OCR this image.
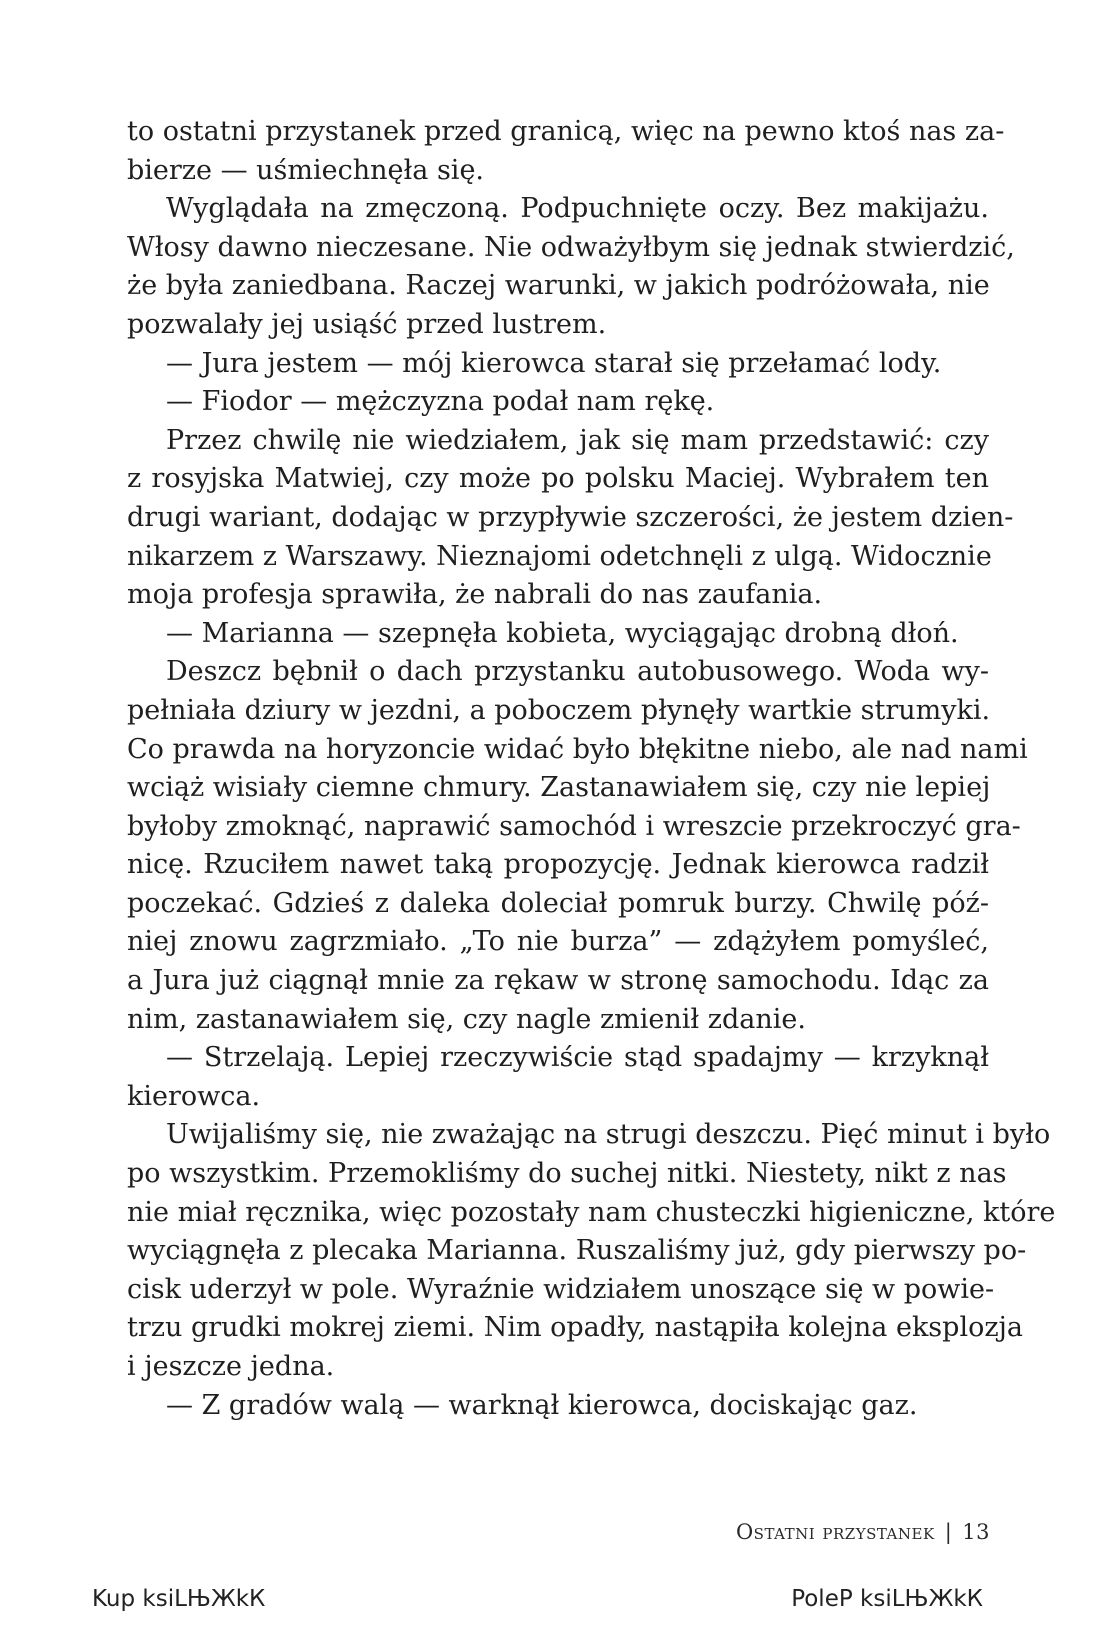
to ostatni przystanek przed granicą, więc na pewno ktoś nas za-
bierze — uśmiechnęła się.
Wyglądała na zmęczoną. Podpuchnięte oczy. Bez makijażu.
Włosy dawno nieczesane. Nie odważyłbym się jednak stwierdzić,
że była zaniedbana. Raczej warunki, w jakich podróżowała, nie
pozwalały jej usiąść przed lustrem.
— Jura jestem — mój kierowca starał się przełamać lody.
— Fiodor — mężczyzna podał nam rękę.
Przez chwilę nie wiedziałem, jak się mam przedstawić: czy
z rosyjska Matwiej, czy może po polsku Maciej. Wybrałem ten
drugi wariant, dodając w przypływie szczerości, że jestem dzien-
nikarzem z Warszawy. Nieznajomi odetchnęli z ulgą. Widocznie
moja profesja sprawiła, że nabrali do nas zaufania.
— Marianna — szepnęła kobieta, wyciągając drobną dłoń.
Deszcz bębnił o dach przystanku autobusowego. Woda wy-
pełniała dziury w jezdni, a poboczem płynęły wartkie strumyki.
Co prawda na horyzoncie widać było błękitne niebo, ale nad nami
wciąż wisiały ciemne chmury. Zastanawiałem się, czy nie lepiej
byłoby zmoknąć, naprawić samochód i wreszcie przekroczyć gra-
nicę. Rzuciłem nawet taką propozycję. Jednak kierowca radził
poczekać. Gdzieś z daleka doleciał pomruk burzy. Chwilę póź-
niej znowu zagrzmiało. „To nie burza” — zdążyłem pomyśleć,
a Jura już ciągnął mnie za rękaw w stronę samochodu. Idąc za
nim, zastanawiałem się, czy nagle zmienił zdanie.
— Strzelają. Lepiej rzeczywiście stąd spadajmy — krzyknął
kierowca.
Uwijaliśmy się, nie zważając na strugi deszczu. Pięć minut i było
po wszystkim. Przemokliśmy do suchej nitki. Niestety, nikt z nas
nie miał ręcznika, więc pozostały nam chusteczki higieniczne, które
wyciągnęła z plecaka Marianna. Ruszaliśmy już, gdy pierwszy po-
cisk uderzył w pole. Wyraźnie widziałem unoszące się w powie-
trzu grudki mokrej ziemi. Nim opadły, nastąpiła kolejna eksplozja
i jeszcze jedna.
— Z gradów walą — warknął kierowca, dociskając gaz.
Ostatni przystanek | 13
Kup ksiLЊЖkК	PoleР ksiLЊЖkК
